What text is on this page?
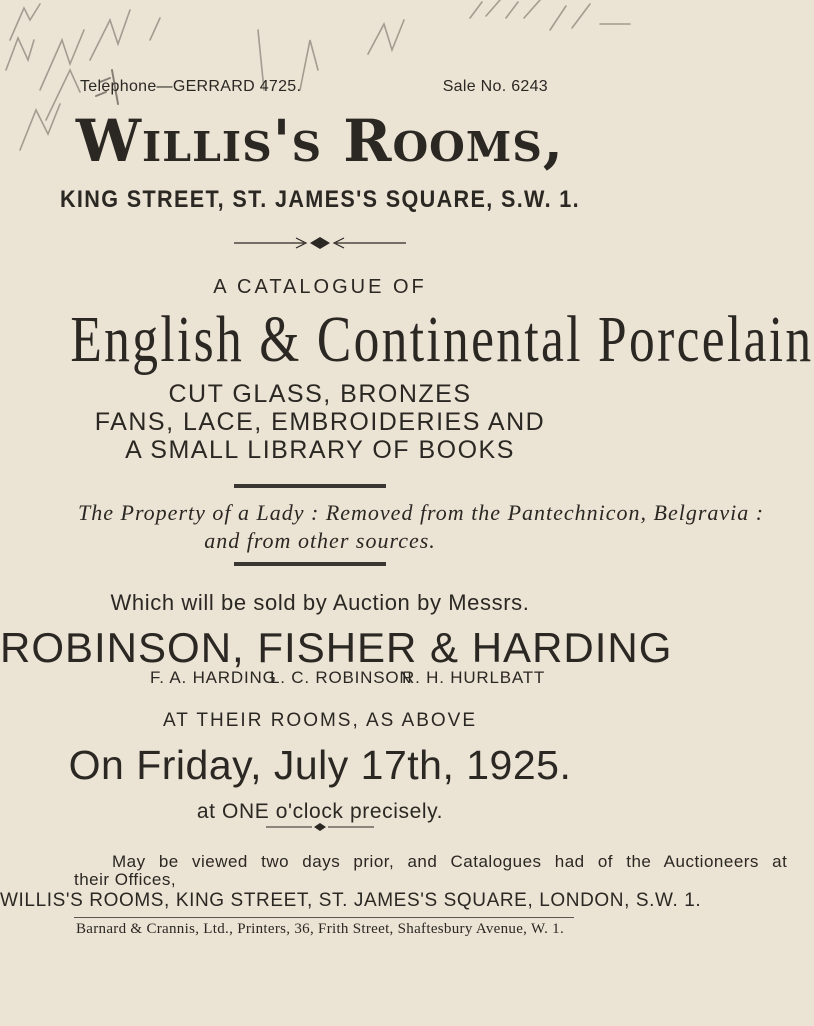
Telephone—GERRARD 4725.	Sale No. 6243
Willis's Rooms,
KING STREET, ST. JAMES'S SQUARE, S.W. 1.
A CATALOGUE OF
English & Continental Porcelain
CUT GLASS, BRONZES
FANS, LACE, EMBROIDERIES AND
A SMALL LIBRARY OF BOOKS
The Property of a Lady : Removed from the Pantechnicon, Belgravia :
and from other sources.
Which will be sold by Auction by Messrs.
ROBINSON, FISHER & HARDING
F. A. HARDING
L. C. ROBINSON
R. H. HURLBATT
AT THEIR ROOMS, AS ABOVE
On Friday, July 17th, 1925.
at ONE o'clock precisely.
May be viewed two days prior, and Catalogues had of the Auctioneers at
their Offices,
WILLIS'S ROOMS, KING STREET, ST. JAMES'S SQUARE, LONDON, S.W. 1.
Barnard & Crannis, Ltd., Printers, 36, Frith Street, Shaftesbury Avenue, W. 1.
